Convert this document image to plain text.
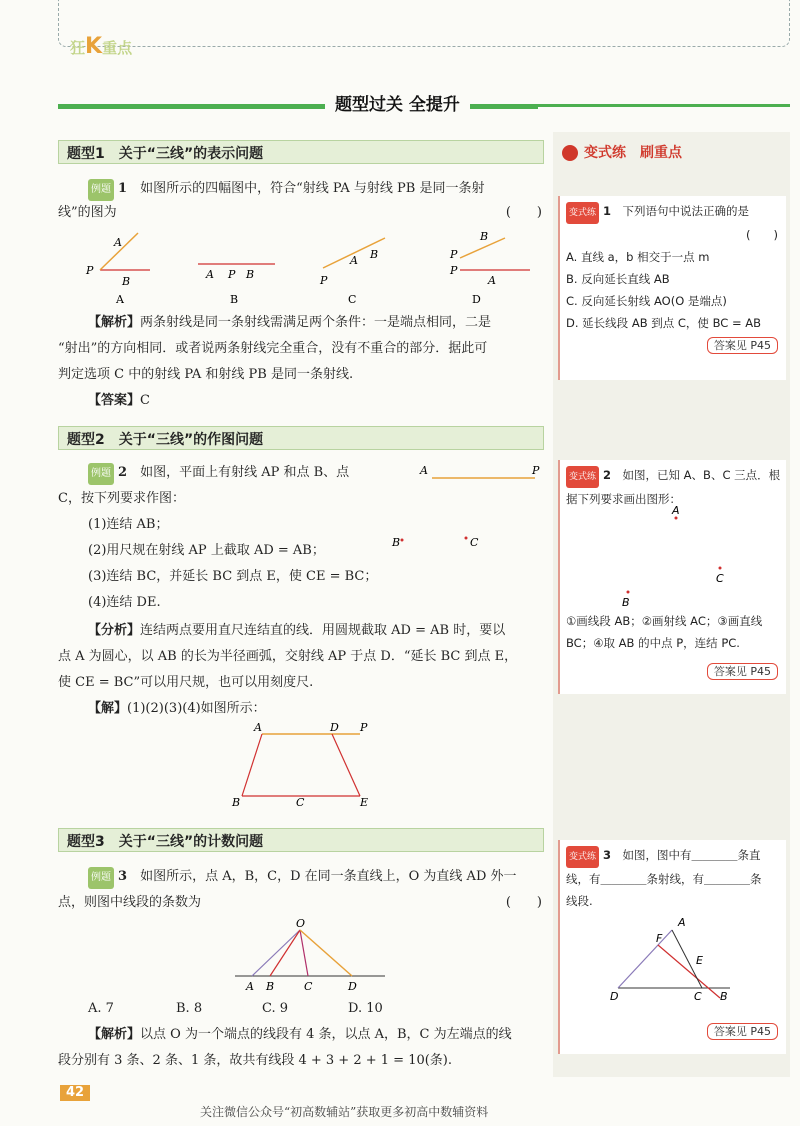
狂K重点
题型过关 全提升
题型1　关于“三线”的表示问题
例题 1　 如图所示的四幅图中，符合“射线 PA 与射线 PB 是同一条射
线”的图为	(　　)
P
A
B
A
A P B
B
P
A B
C
P
B
P
A
D
【解析】两条射线是同一条射线需满足两个条件：一是端点相同，二是
“射出”的方向相同．或者说两条射线完全重合，没有不重合的部分．据此可
判定选项 C 中的射线 PA 和射线 PB 是同一条射线.
【答案】C
题型2　关于“三线”的作图问题
例题 2　 如图，平面上有射线 AP 和点 B、点
C，按下列要求作图：
(1)连结 AB；
(2)用尺规在射线 AP 上截取 AD = AB；
(3)连结 BC，并延长 BC 到点 E，使 CE = BC；
(4)连结 DE.
A	P
B	C
【分析】连结两点要用直尺连结直的线．用圆规截取 AD = AB 时，要以
点 A 为圆心，以 AB 的长为半径画弧，交射线 AP 于点 D．“延长 BC 到点 E，
使 CE = BC”可以用尺规，也可以用刻度尺.
【解】(1)(2)(3)(4)如图所示：
A	D P
B	C	E
题型3　关于“三线”的计数问题
例题 3　 如图所示，点 A，B，C，D 在同一条直线上，O 为直线 AD 外一
点，则图中线段的条数为	(　　)
O
A B	C	D
A. 7	B. 8	C. 9	D. 10
【解析】以点 O 为一个端点的线段有 4 条，以点 A，B，C 为左端点的线
段分别有 3 条、2 条、1 条，故共有线段 4 + 3 + 2 + 1 = 10(条).
变式练　刷重点
变式练 1　 下列语句中说法正确的是
(　　)
A. 直线 a，b 相交于一点 m
B. 反向延长直线 AB
C. 反向延长射线 AO(O 是端点)
D. 延长线段 AB 到点 C，使 BC = AB
答案见 P45
变式练 2　 如图，已知 A、B、C 三点．根
据下列要求画出图形：
A
C
B
①画线段 AB；②画射线 AC；③画直线
BC；④取 AB 的中点 P，连结 PC.
答案见 P45
变式练 3　 如图，图中有＿＿＿＿条直
线，有＿＿＿＿条射线，有＿＿＿＿条
线段.
A
F
E
D	C B
答案见 P45
42
关注微信公众号“初高数辅站”获取更多初高中数辅资料
